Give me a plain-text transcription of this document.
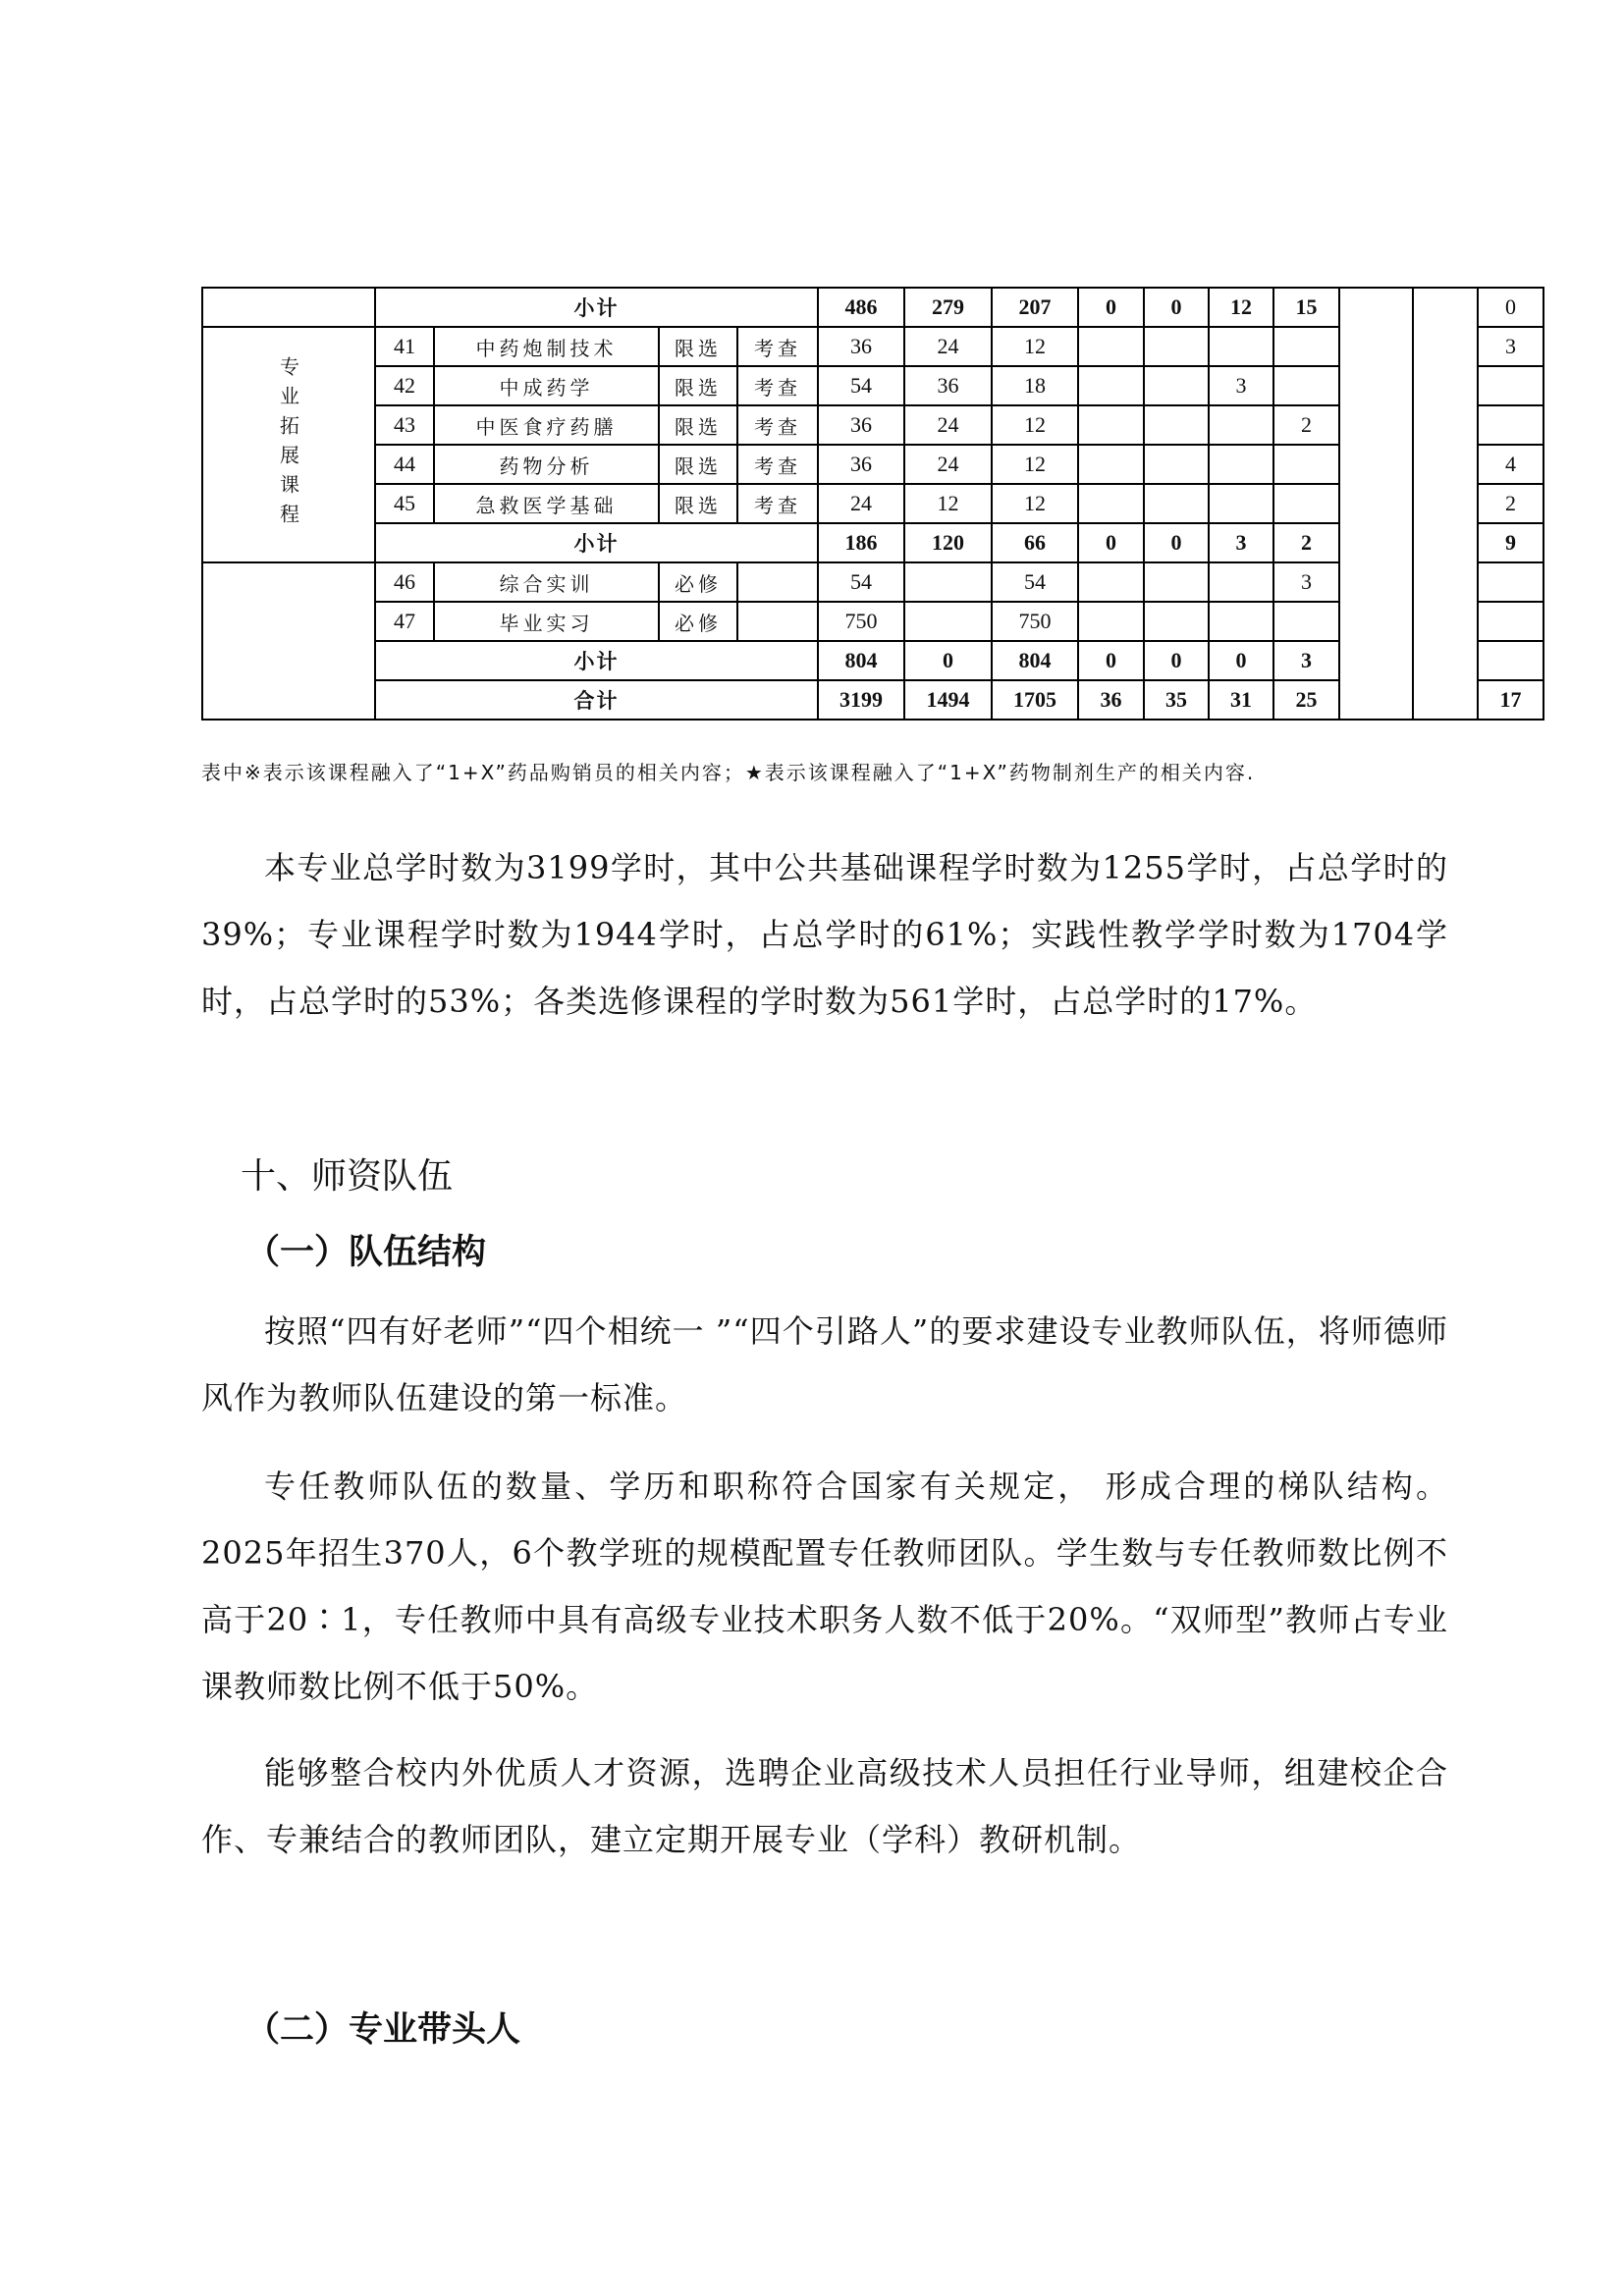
	小计				486	279	207	0	0	12	15			0

专业拓展课程	41	中药炮制技术	限选	考查	36	24	12							3
	42	中成药学	限选	考查	54	36	18			3				
	43	中医食疗药膳	限选	考查	36	24	12				2			
	44	药物分析	限选	考查	36	24	12							4
	45	急救医学基础	限选	考查	24	12	12							2
	小计				186	120	66	0	0	3	2			9
	46	综合实训	必修		54		54				3			
	47	毕业实习	必修		750		750							
	小计				804	0	804	0	0	0	3			
	合计				3199	1494	1705	36	35	31	25			17
表中※表示该课程融入了“1+X”药品购销员的相关内容；★表示该课程融入了“1+X”药物制剂生产的相关内容.
本专业总学时数为3199学时，其中公共基础课程学时数为1255学时，占总学时的39%；专业课程学时数为1944学时，占总学时的61%；实践性教学学时数为1704学时，占总学时的53%；各类选修课程的学时数为561学时，占总学时的17%。
十、师资队伍
（一）队伍结构
按照“四有好老师”“四个相统一 ”“四个引路人”的要求建设专业教师队伍，将师德师 风作为教师队伍建设的第一标准。
专任教师队伍的数量、学历和职称符合国家有关规定， 形成合理的梯队结构。2025年招生370人，6个教学班的规模配置专任教师团队。学生数与专任教师数比例不高于20∶1，专任教师中具有高级专业技术职务人数不低于20%。“双师型”教师占专业课教师数比例不低于50%。
能够整合校内外优质人才资源，选聘企业高级技术人员担任行业导师，组建校企合作、专兼结合的教师团队，建立定期开展专业（学科）教研机制。
（二）专业带头人
